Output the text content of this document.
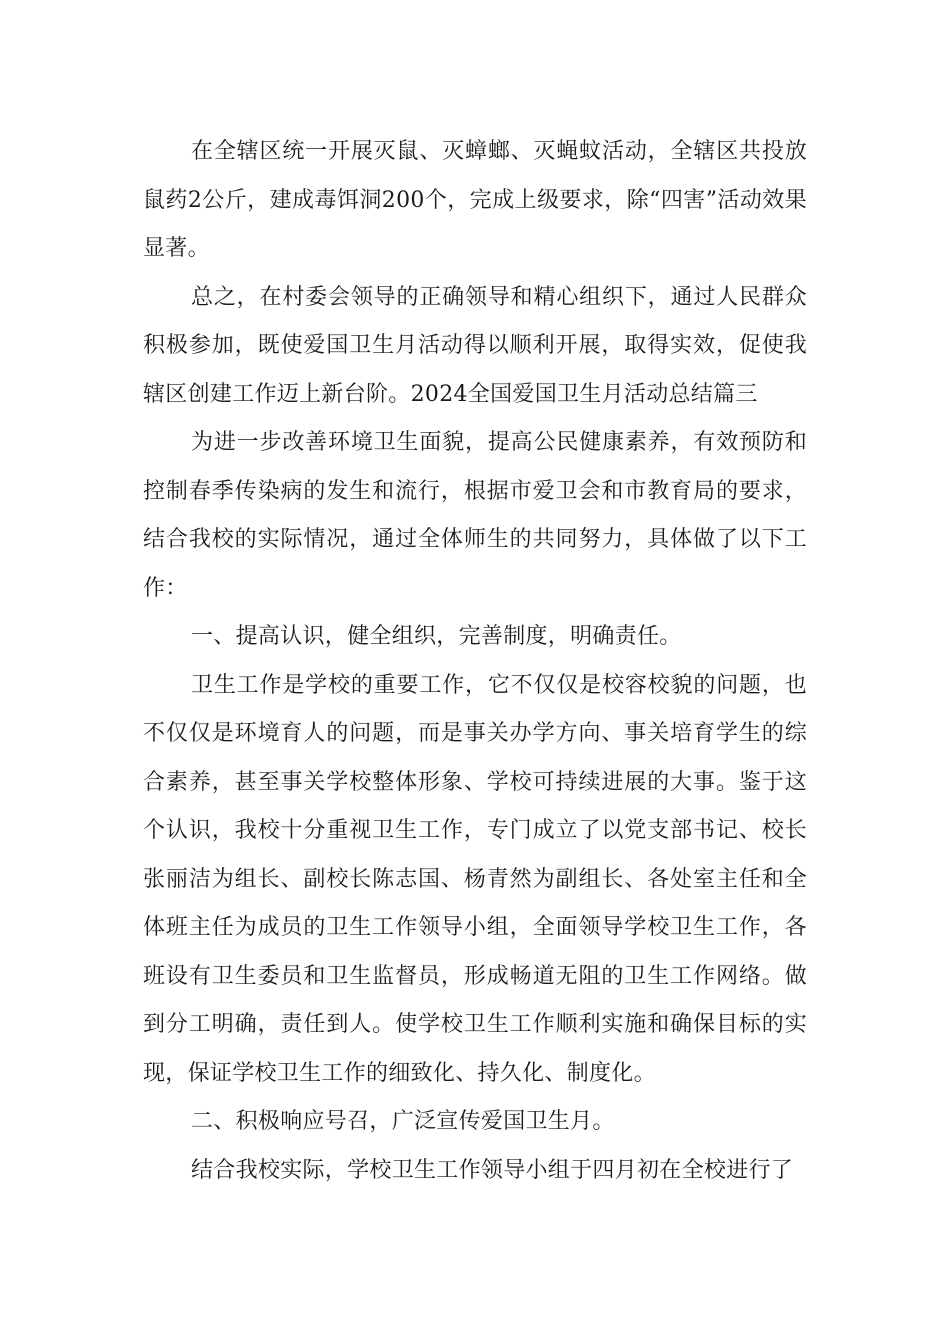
在全辖区统一开展灭鼠、灭蟑螂、灭蝇蚊活动，全辖区共投放鼠药2公斤，建成毒饵洞200个，完成上级要求，除“四害”活动效果显著。

总之，在村委会领导的正确领导和精心组织下，通过人民群众积极参加，既使爱国卫生月活动得以顺利开展，取得实效，促使我辖区创建工作迈上新台阶。2024全国爱国卫生月活动总结篇三

为进一步改善环境卫生面貌，提高公民健康素养，有效预防和控制春季传染病的发生和流行，根据市爱卫会和市教育局的要求，结合我校的实际情况，通过全体师生的共同努力，具体做了以下工作：

一、提高认识，健全组织，完善制度，明确责任。

卫生工作是学校的重要工作，它不仅仅是校容校貌的问题，也不仅仅是环境育人的问题，而是事关办学方向、事关培育学生的综合素养，甚至事关学校整体形象、学校可持续进展的大事。鉴于这个认识，我校十分重视卫生工作，专门成立了以党支部书记、校长张丽洁为组长、副校长陈志国、杨青然为副组长、各处室主任和全体班主任为成员的卫生工作领导小组，全面领导学校卫生工作，各班设有卫生委员和卫生监督员，形成畅道无阻的卫生工作网络。做到分工明确，责任到人。使学校卫生工作顺利实施和确保目标的实现，保证学校卫生工作的细致化、持久化、制度化。

二、积极响应号召，广泛宣传爱国卫生月。

结合我校实际，学校卫生工作领导小组于四月初在全校进行了
